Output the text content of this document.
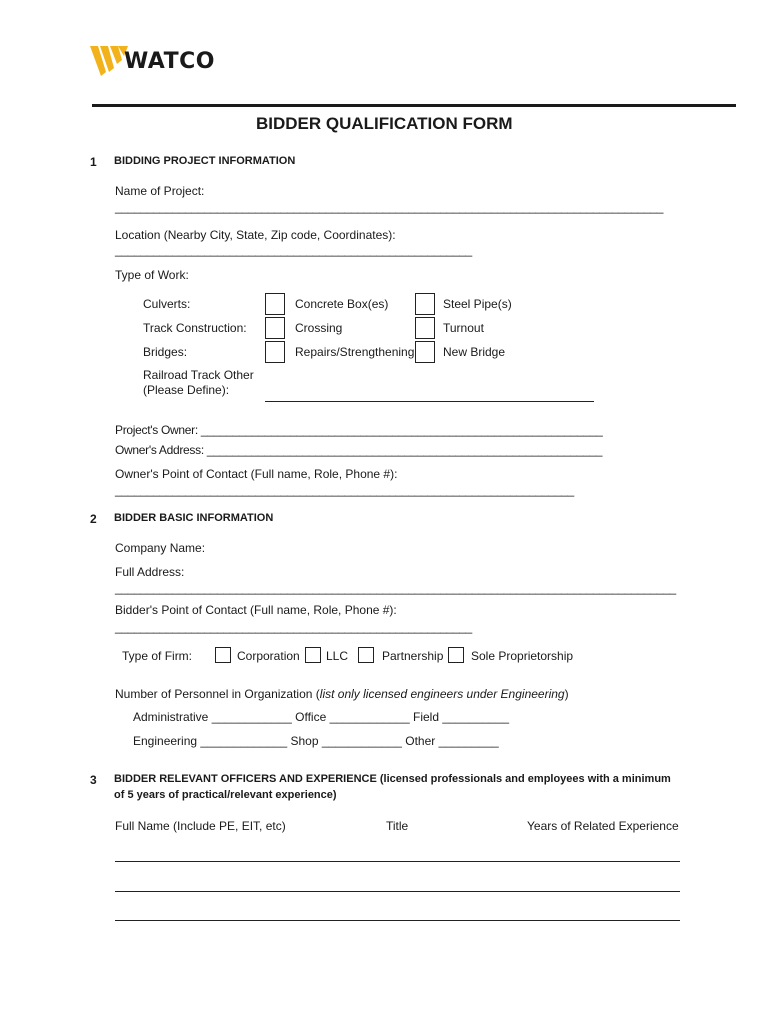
WATCO
BIDDER QUALIFICATION FORM
1 BIDDING PROJECT INFORMATION
Name of Project:
______________________________________________________________________________________
Location (Nearby City, State, Zip code, Coordinates):
________________________________________________________
Type of Work:
Culverts:	Concrete Box(es)	Steel Pipe(s)
Track Construction:	Crossing	Turnout
Bridges:	Repairs/Strengthening New Bridge
Railroad Track Other
(Please Define):
Project's Owner: _______________________________________________________________
Owner's Address: ______________________________________________________________
Owner's Point of Contact (Full name, Role, Phone #):
________________________________________________________________________
2 BIDDER BASIC INFORMATION
Company Name:
Full Address:
________________________________________________________________________________________
Bidder's Point of Contact (Full name, Role, Phone #):
________________________________________________________
Type of Firm:	Corporation LLC	Partnership Sole Proprietorship
Number of Personnel in Organization (list only licensed engineers under Engineering)
Administrative ____________ Office ____________ Field __________
Engineering _____________ Shop ____________ Other _________
3 BIDDER RELEVANT OFFICERS AND EXPERIENCE (licensed professionals and employees with a minimum
of 5 years of practical/relevant experience)
Full Name (Include PE, EIT, etc)	Title	Years of Related Experience
